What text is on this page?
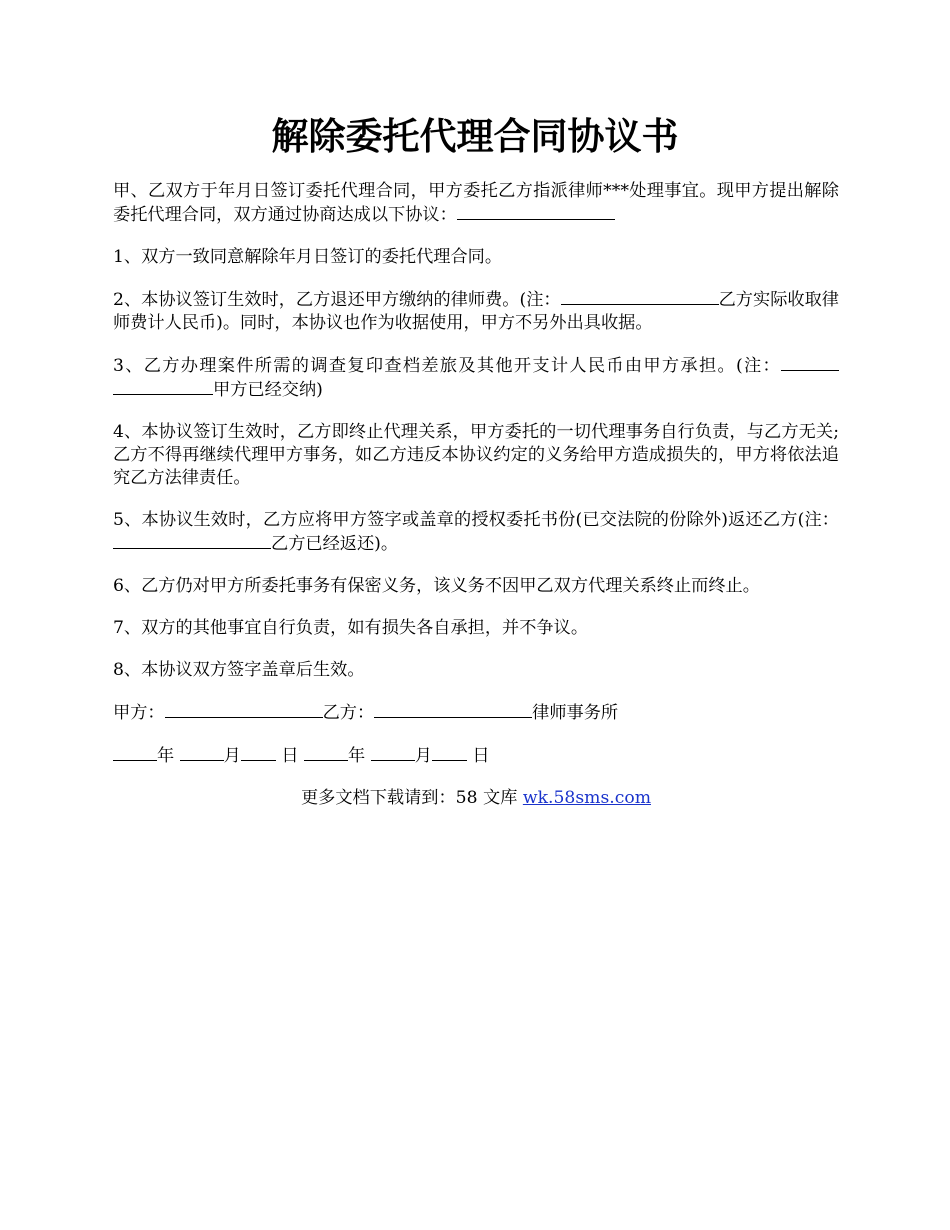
解除委托代理合同协议书

甲、乙双方于年月日签订委托代理合同，甲方委托乙方指派律师***处理事宜。现甲方提出解除委托代理合同，双方通过协商达成以下协议：

1、双方一致同意解除年月日签订的委托代理合同。

2、本协议签订生效时，乙方退还甲方缴纳的律师费。(注：	乙方实际收取律师费计人民币)。同时，本协议也作为收据使用，甲方不另外出具收据。

3、乙方办理案件所需的调查复印查档差旅及其他开支计人民币由甲方承担。(注：甲方已经交纳)

4、本协议签订生效时，乙方即终止代理关系，甲方委托的一切代理事务自行负责，与乙方无关;乙方不得再继续代理甲方事务，如乙方违反本协议约定的义务给甲方造成损失的，甲方将依法追究乙方法律责任。

5、本协议生效时，乙方应将甲方签字或盖章的授权委托书份(已交法院的份除外)返还乙方(注：乙方已经返还)。

6、乙方仍对甲方所委托事务有保密义务，该义务不因甲乙双方代理关系终止而终止。

7、双方的其他事宜自行负责，如有损失各自承担，并不争议。

8、本协议双方签字盖章后生效。

甲方：	乙方：	律师事务所

年	月 日	年	月 日

更多文档下载请到：58 文库 wk.58sms.com
